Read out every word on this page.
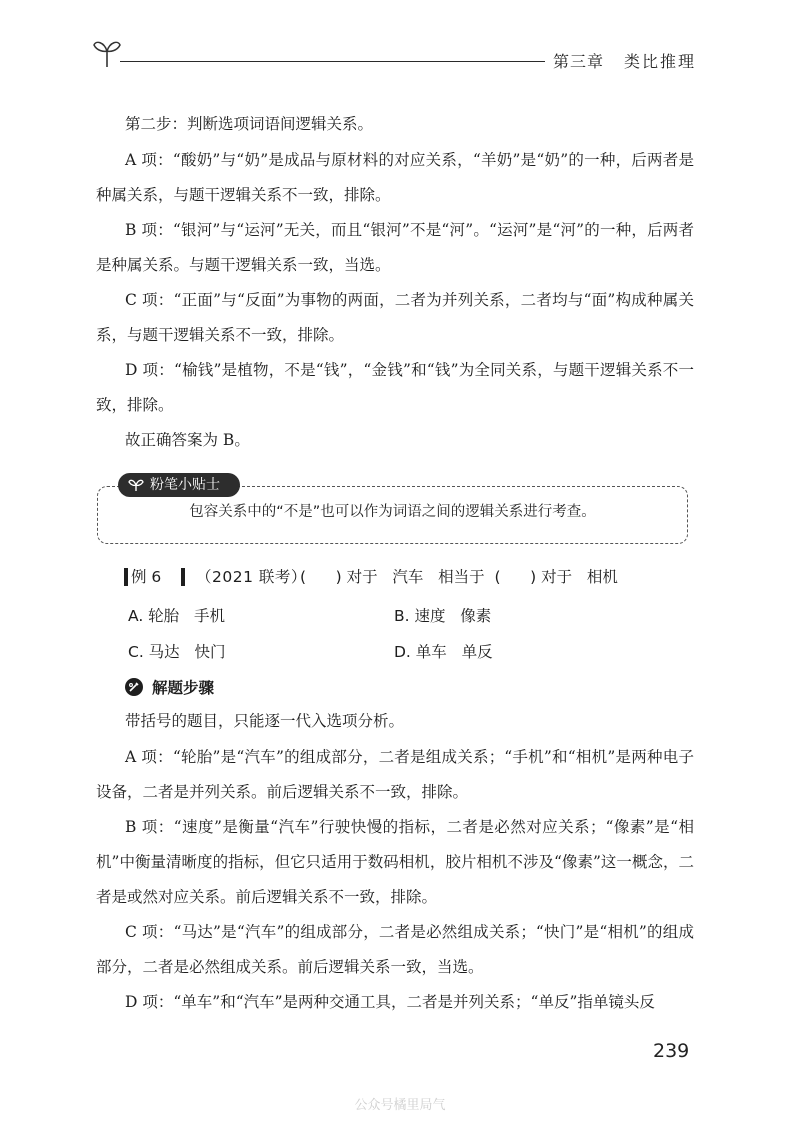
第三章 类比推理
第二步：判断选项词语间逻辑关系。
A 项：“酸奶”与“奶”是成品与原材料的对应关系，“羊奶”是“奶”的一种，后两者是种属关系，与题干逻辑关系不一致，排除。
B 项：“银河”与“运河”无关，而且“银河”不是“河”。“运河”是“河”的一种，后两者是种属关系。与题干逻辑关系一致，当选。
C 项：“正面”与“反面”为事物的两面，二者为并列关系，二者均与“面”构成种属关系，与题干逻辑关系不一致，排除。
D 项：“榆钱”是植物，不是“钱”，“金钱”和“钱”为全同关系，与题干逻辑关系不一致，排除。
故正确答案为 B。
粉笔小贴士
包容关系中的“不是”也可以作为词语之间的逻辑关系进行考查。
例 6 （2021 联考）
(      ) 对于   汽车   相当于  (      ) 对于   相机
A. 轮胎   手机	B. 速度   像素
C. 马达   快门	D. 单车   单反
解题步骤
带括号的题目，只能逐一代入选项分析。
A 项：“轮胎”是“汽车”的组成部分，二者是组成关系；“手机”和“相机”是两种电子设备，二者是并列关系。前后逻辑关系不一致，排除。
B 项：“速度”是衡量“汽车”行驶快慢的指标，二者是必然对应关系；“像素”是“相机”中衡量清晰度的指标，但它只适用于数码相机，胶片相机不涉及“像素”这一概念，二者是或然对应关系。前后逻辑关系不一致，排除。
C 项：“马达”是“汽车”的组成部分，二者是必然组成关系；“快门”是“相机”的组成部分，二者是必然组成关系。前后逻辑关系一致，当选。
D 项：“单车”和“汽车”是两种交通工具，二者是并列关系；“单反”指单镜头反
239
公众号橘里局气
